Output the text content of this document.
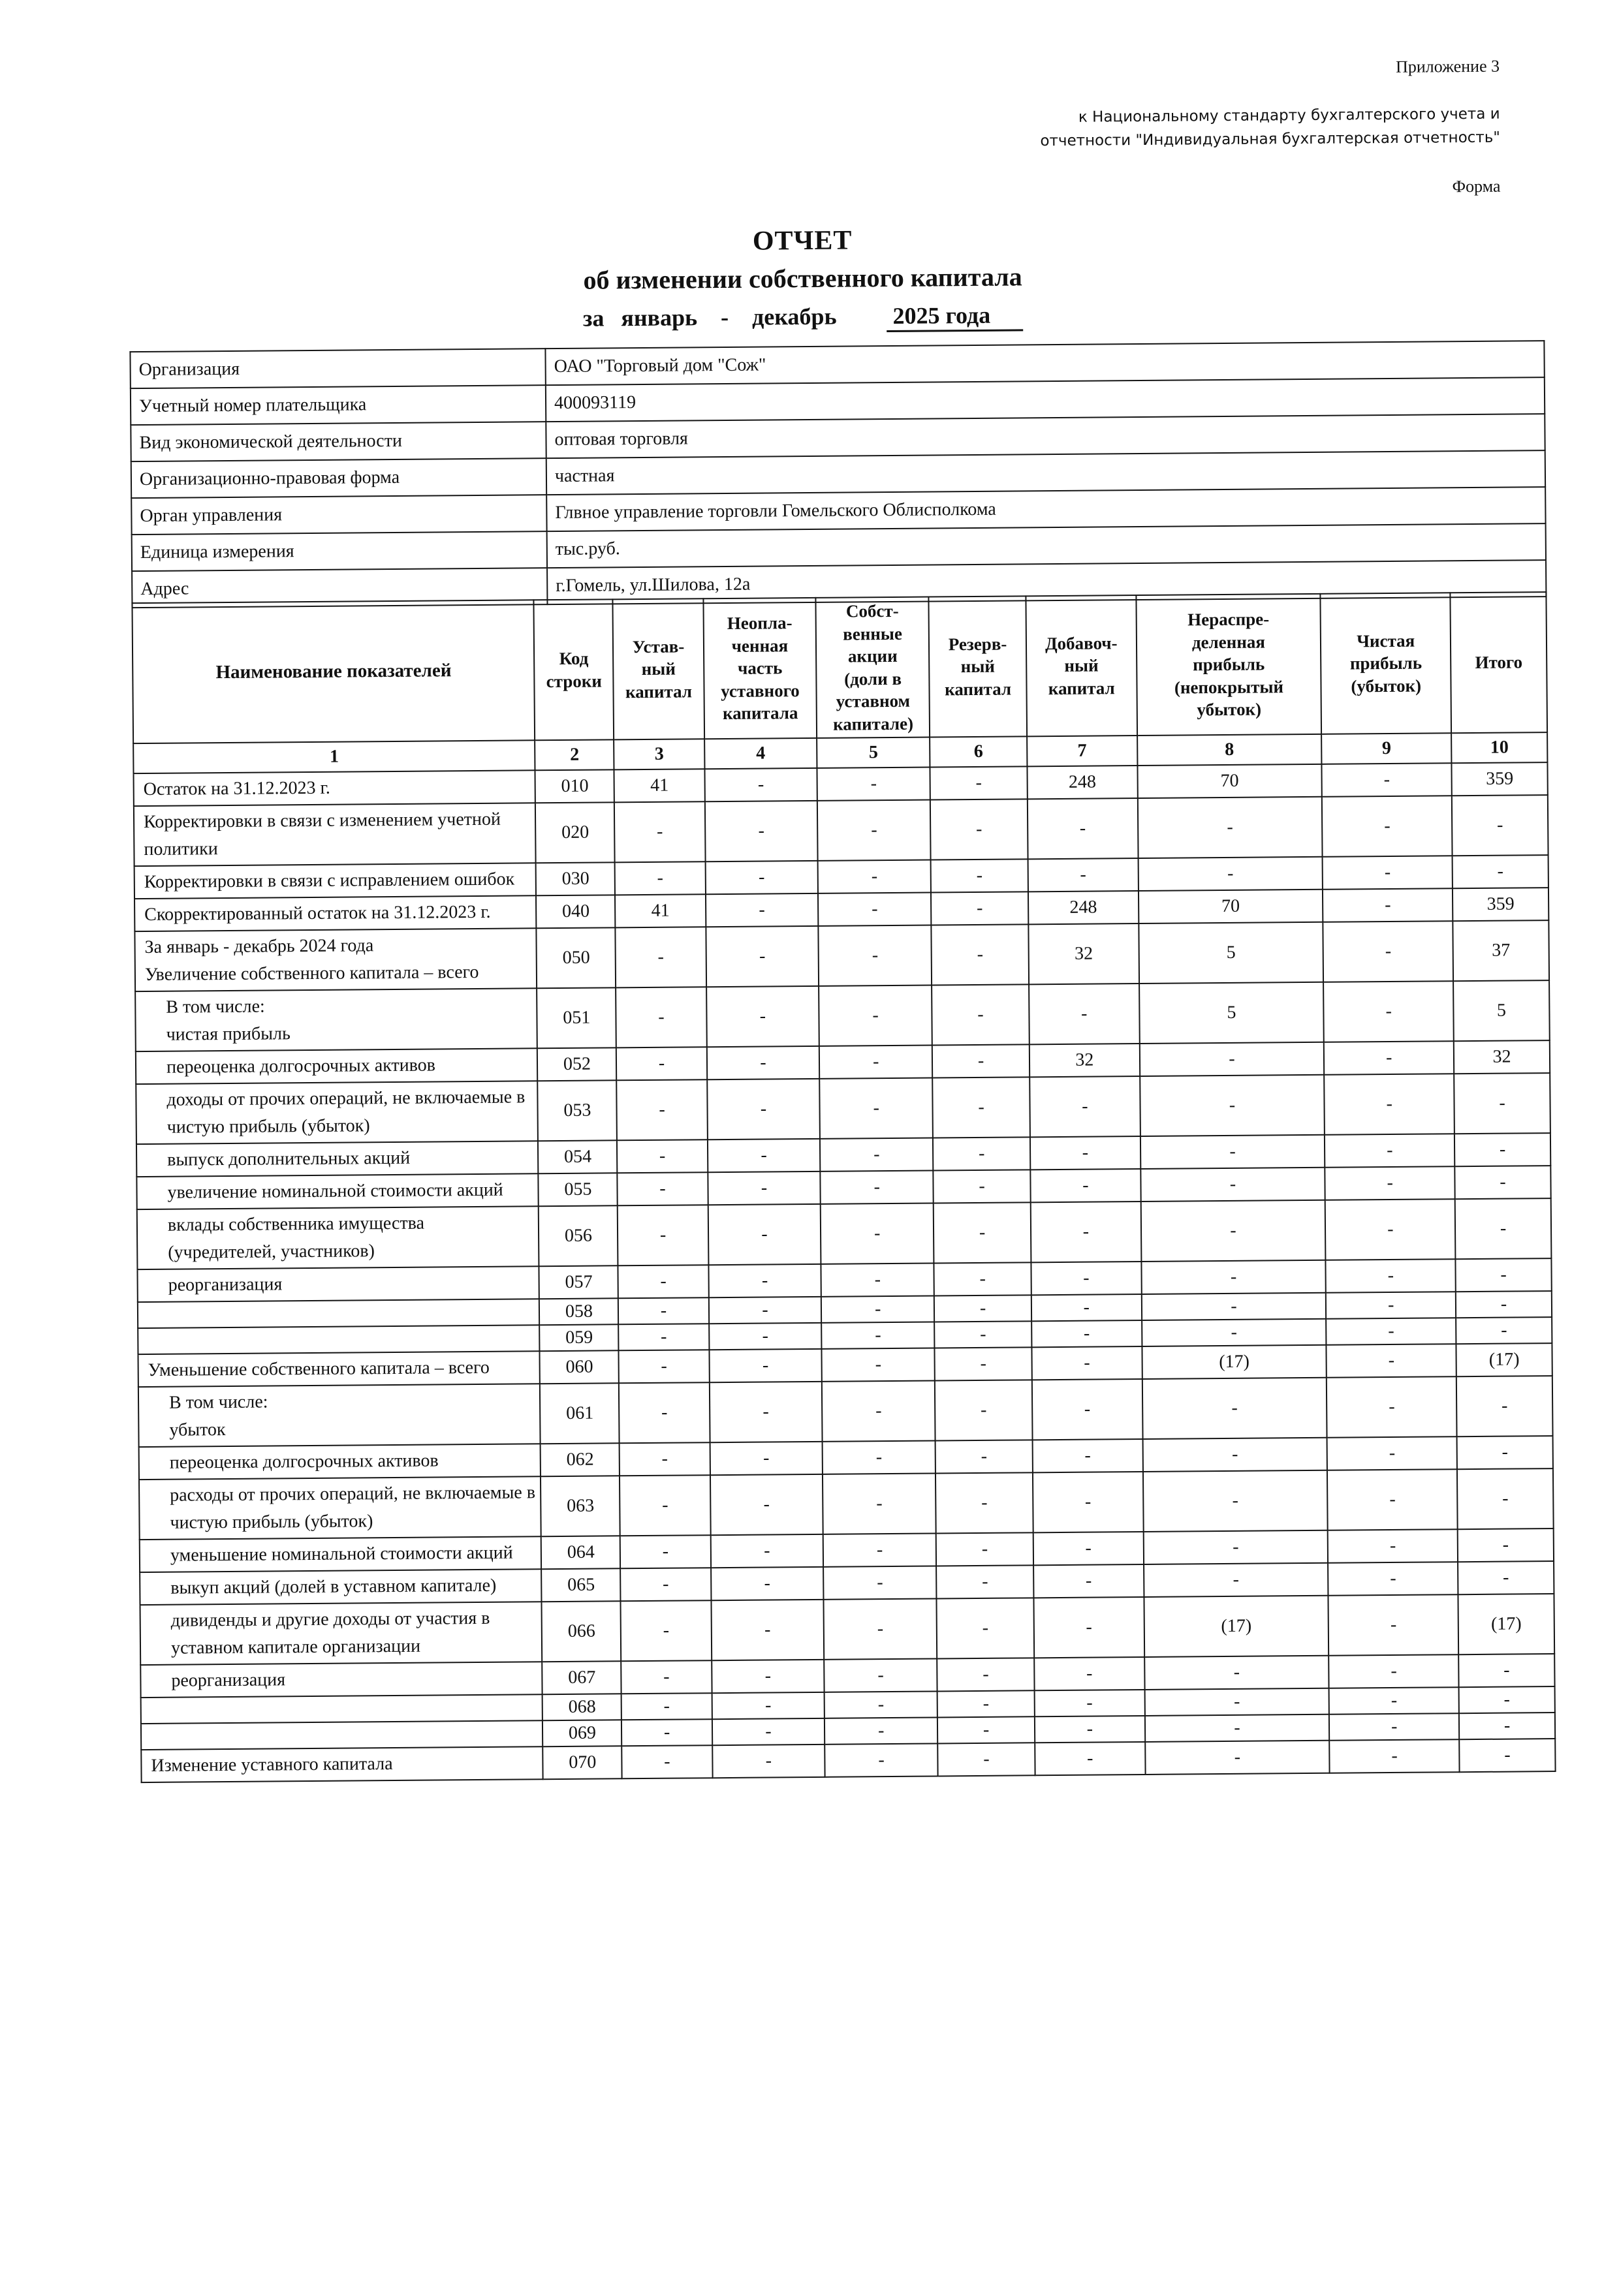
Приложение 3
к Национальному стандарту бухгалтерского учета и
отчетности "Индивидуальная бухгалтерская отчетность"
Форма
ОТЧЕТ
об изменении собственного капитала
за январь - декабрь 2025 года
Организация	ОАО "Торговый дом "Сож"
Учетный номер плательщика	400093119
Вид экономической деятельности	оптовая торговля
Организационно-правовая форма	частная
Орган управления	Глвное управление торговли Гомельского Облисполкома
Единица измерения	тыс.руб.
Адрес	г.Гомель, ул.Шилова, 12а
Наименование показателей	
Код
строки

Устав-
ный
капитал

Неопла-
ченная
часть
уставного
капитала

Собст-
венные
акции
(доли в
уставном
капитале)

Резерв-
ный
капитал

Добавоч-
ный
капитал

Нераспре-
деленная
прибыль
(непокрытый
убыток)

Чистая
прибыль
(убыток)

Итого

1	2	3	4	5	6	7	8	9	10
Остаток на 31.12.2023 г.	010	41	-	-	-	248	70	-	359
Корректировки в связи с изменением учетной политики	020	-	-	-	-	-	-	-	-
Корректировки в связи с исправлением ошибок	030	-	-	-	-	-	-	-	-
Скорректированный остаток на 31.12.2023 г.	040	41	-	-	-	248	70	-	359
За январь - декабрь 2024 года
Увеличение собственного капитала – всего	050	-	-	-	-	32	5	-	37
В том числе:
чистая прибыль	051	-	-	-	-	-	5	-	5
переоценка долгосрочных активов	052	-	-	-	-	32	-	-	32
доходы от прочих операций, не включаемые в чистую прибыль (убыток)	053	-	-	-	-	-	-	-	-
выпуск дополнительных акций	054	-	-	-	-	-	-	-	-
увеличение номинальной стоимости акций	055	-	-	-	-	-	-	-	-
вклады собственника имущества (учредителей, участников)	056	-	-	-	-	-	-	-	-
реорганизация	057	-	-	-	-	-	-	-	-
	058	-	-	-	-	-	-	-	-
	059	-	-	-	-	-	-	-	-
Уменьшение собственного капитала – всего	060	-	-	-	-	-	(17)	-	(17)
В том числе:
убыток	061	-	-	-	-	-	-	-	-
переоценка долгосрочных активов	062	-	-	-	-	-	-	-	-
расходы от прочих операций, не включаемые в чистую прибыль (убыток)	063	-	-	-	-	-	-	-	-
уменьшение номинальной стоимости акций	064	-	-	-	-	-	-	-	-
выкуп акций (долей в уставном капитале)	065	-	-	-	-	-	-	-	-
дивиденды и другие доходы от участия в уставном капитале организации	066	-	-	-	-	-	(17)	-	(17)
реорганизация	067	-	-	-	-	-	-	-	-
	068	-	-	-	-	-	-	-	-
	069	-	-	-	-	-	-	-	-
Изменение уставного капитала	070	-	-	-	-	-	-	-	-
